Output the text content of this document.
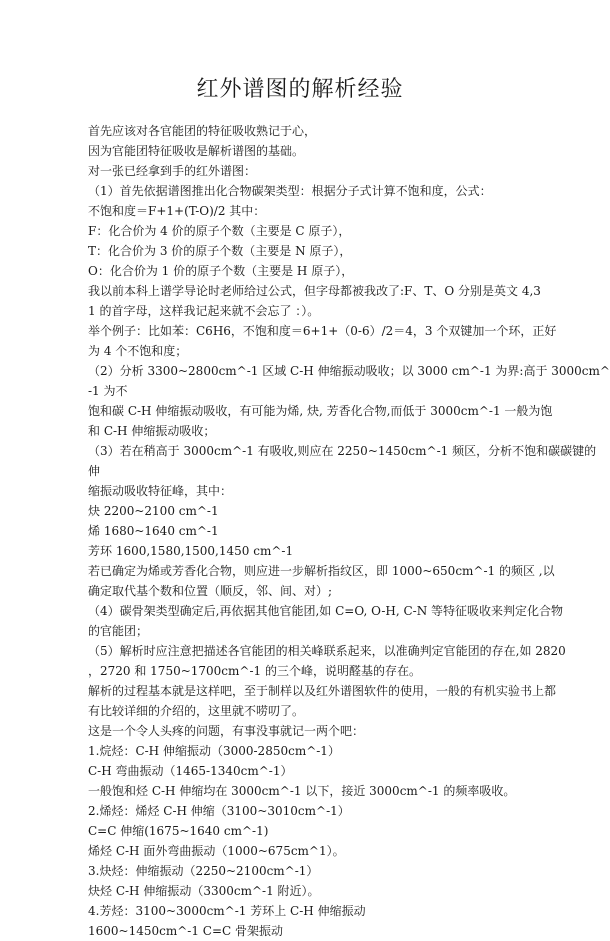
红外谱图的解析经验
首先应该对各官能团的特征吸收熟记于心，
因为官能团特征吸收是解析谱图的基础。
对一张已经拿到手的红外谱图：
（1）首先依据谱图推出化合物碳架类型：根据分子式计算不饱和度，公式：
不饱和度＝F+1+(T-O)/2 其中：
F：化合价为 4 价的原子个数（主要是 C 原子），
T：化合价为 3 价的原子个数（主要是 N 原子），
O：化合价为 1 价的原子个数（主要是 H 原子），
我以前本科上谱学导论时老师给过公式，但字母都被我改了:F、T、O 分别是英文 4,3
1 的首字母，这样我记起来就不会忘了 ：）。
举个例子：比如苯：C6H6，不饱和度＝6+1+（0-6）/2＝4，3 个双键加一个环，正好
为 4 个不饱和度；
（2）分析 3300~2800cm^-1 区域 C-H 伸缩振动吸收；以 3000 cm^-1 为界:高于 3000cm^
-1 为不
饱和碳 C-H 伸缩振动吸收，有可能为烯, 炔, 芳香化合物,而低于 3000cm^-1 一般为饱
和 C-H 伸缩振动吸收；
（3）若在稍高于 3000cm^-1 有吸收,则应在 2250~1450cm^-1 频区，分析不饱和碳碳键的
伸
缩振动吸收特征峰，其中：
炔 2200~2100 cm^-1
烯 1680~1640 cm^-1
芳环 1600,1580,1500,1450 cm^-1
若已确定为烯或芳香化合物，则应进一步解析指纹区，即 1000~650cm^-1 的频区 ,以
确定取代基个数和位置（顺反，邻、间、对）;
（4）碳骨架类型确定后,再依据其他官能团,如 C=O, O-H, C-N 等特征吸收来判定化合物
的官能团；
（5）解析时应注意把描述各官能团的相关峰联系起来，以准确判定官能团的存在,如 2820
，2720 和 1750~1700cm^-1 的三个峰，说明醛基的存在。
解析的过程基本就是这样吧，至于制样以及红外谱图软件的使用，一般的有机实验书上都
有比较详细的介绍的，这里就不唠叨了。
这是一个令人头疼的问题，有事没事就记一两个吧：
1.烷烃：C-H 伸缩振动（3000-2850cm^-1）
C-H 弯曲振动（1465-1340cm^-1）
一般饱和烃 C-H 伸缩均在 3000cm^-1 以下，接近 3000cm^-1 的频率吸收。
2.烯烃：烯烃 C-H 伸缩（3100~3010cm^-1）
C=C 伸缩(1675~1640 cm^-1)
烯烃 C-H 面外弯曲振动（1000~675cm^1）。
3.炔烃：伸缩振动（2250~2100cm^-1）
炔烃 C-H 伸缩振动（3300cm^-1 附近）。
4.芳烃：3100~3000cm^-1 芳环上 C-H 伸缩振动
1600~1450cm^-1 C=C 骨架振动
